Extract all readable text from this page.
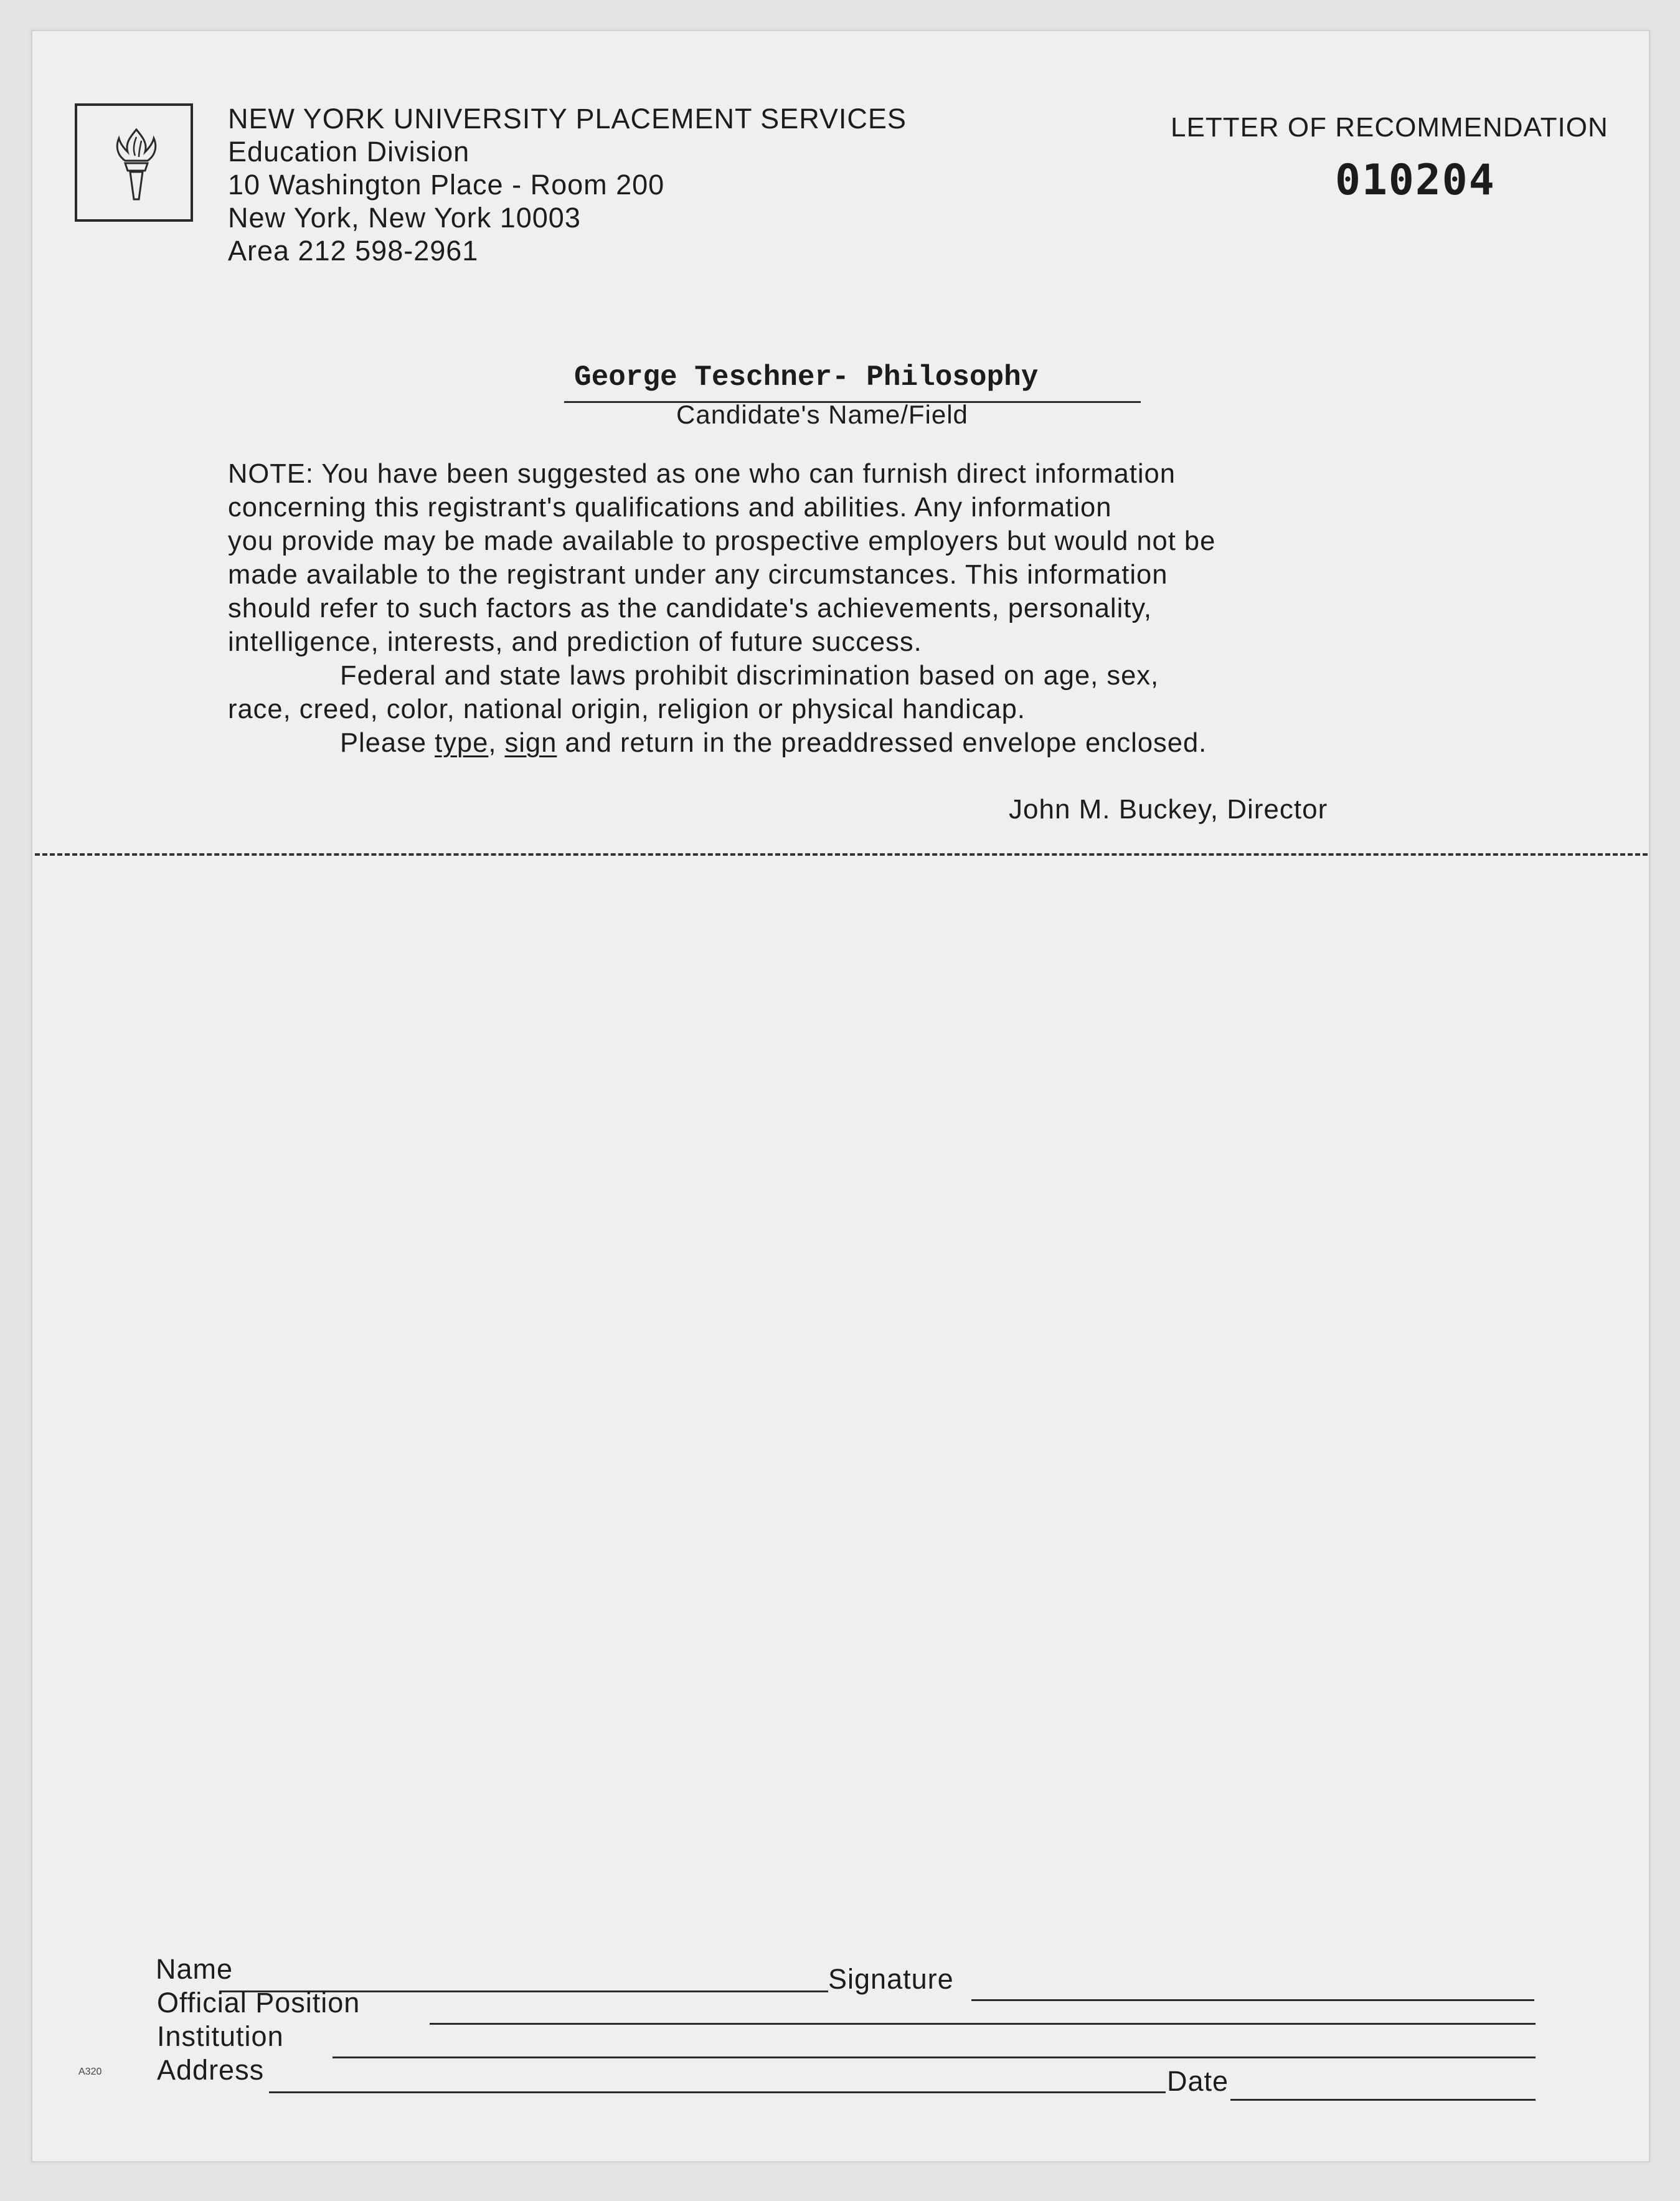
NEW YORK UNIVERSITY PLACEMENT SERVICES
Education Division
10 Washington Place - Room 200
New York, New York 10003
Area 212 598-2961
LETTER OF RECOMMENDATION
010204
George Teschner- Philosophy
Candidate's Name/Field

NOTE: You have been suggested as one who can furnish direct information

concerning this registrant's qualifications and abilities. Any information

you provide may be made available to prospective employers but would not be

made available to the registrant under any circumstances. This information

should refer to such factors as the candidate's achievements, personality,

intelligence, interests, and prediction of future success.

Federal and state laws prohibit discrimination based on age, sex,

race, creed, color, national origin, religion or physical handicap.

Please type, sign and return in the preaddressed envelope enclosed.

John M. Buckey, Director
Name	Signature
Official Position
Institution
Address	Date
A320
